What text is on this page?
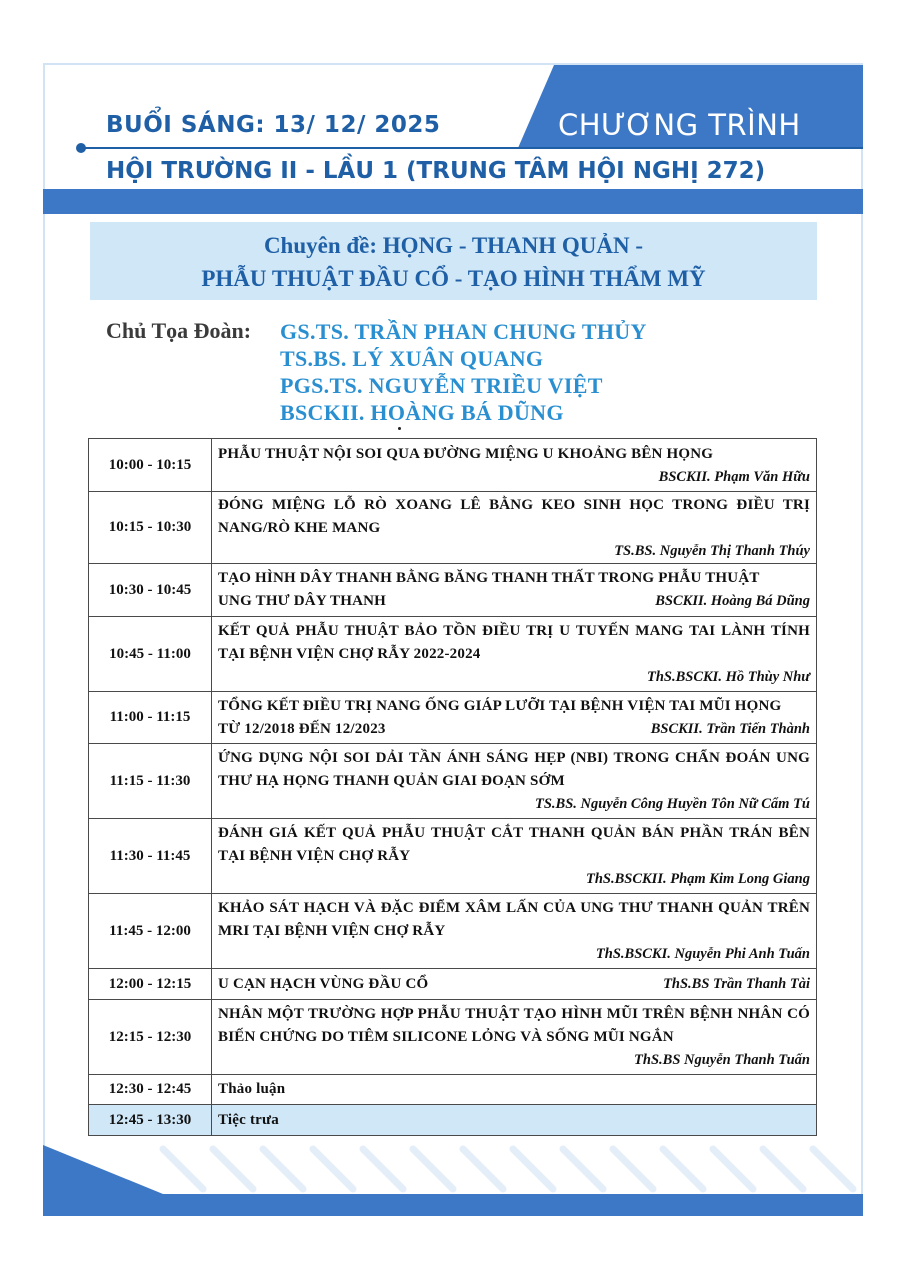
CHƯƠNG TRÌNH
BUỔI SÁNG: 13/ 12/ 2025
HỘI TRƯỜNG II - LẦU 1 (TRUNG TÂM HỘI NGHỊ 272)
Chuyên đề: HỌNG - THANH QUẢN -
PHẪU THUẬT ĐẦU CỔ - TẠO HÌNH THẨM MỸ
Chủ Tọa Đoàn: GS.TS. TRẦN PHAN CHUNG THỦY
TS.BS. LÝ XUÂN QUANG
PGS.TS. NGUYỄN TRIỀU VIỆT
BSCKII. HOÀNG BÁ DŨNG
10:00 - 10:15	PHẪU THUẬT NỘI SOI QUA ĐƯỜNG MIỆNG U KHOẢNG BÊN HỌNG
BSCKII. Phạm Văn Hữu

10:15 - 10:30	ĐÓNG MIỆNG LỖ RÒ XOANG LÊ BẰNG KEO SINH HỌC TRONG ĐIỀU TRỊ NANG/RÒ KHE MANG
TS.BS. Nguyễn Thị Thanh Thúy

10:30 - 10:45	TẠO HÌNH DÂY THANH BẰNG BĂNG THANH THẤT TRONG PHẪU THUẬT
UNG THƯ DÂY THANH BSCKII. Hoàng Bá Dũng

10:45 - 11:00	KẾT QUẢ PHẪU THUẬT BẢO TỒN ĐIỀU TRỊ U TUYẾN MANG TAI LÀNH TÍNH TẠI BỆNH VIỆN CHỢ RẪY 2022-2024
ThS.BSCKI. Hồ Thùy Như

11:00 - 11:15	TỔNG KẾT ĐIỀU TRỊ NANG ỐNG GIÁP LƯỠI TẠI BỆNH VIỆN TAI MŨI HỌNG
TỪ 12/2018 ĐẾN 12/2023 BSCKII. Trần Tiến Thành

11:15 - 11:30	ỨNG DỤNG NỘI SOI DẢI TẦN ÁNH SÁNG HẸP (NBI) TRONG CHẨN ĐOÁN UNG THƯ HẠ HỌNG THANH QUẢN GIAI ĐOẠN SỚM
TS.BS. Nguyễn Công Huyền Tôn Nữ Cẩm Tú

11:30 - 11:45	ĐÁNH GIÁ KẾT QUẢ PHẪU THUẬT CẮT THANH QUẢN BÁN PHẦN TRÁN BÊN TẠI BỆNH VIỆN CHỢ RẪY
ThS.BSCKII. Phạm Kim Long Giang

11:45 - 12:00	KHẢO SÁT HẠCH VÀ ĐẶC ĐIỂM XÂM LẤN CỦA UNG THƯ THANH QUẢN TRÊN MRI TẠI BỆNH VIỆN CHỢ RẪY
ThS.BSCKI. Nguyễn Phi Anh Tuấn

12:00 - 12:15	U CẠN HẠCH VÙNG ĐẦU CỔ ThS.BS Trần Thanh Tài

12:15 - 12:30	NHÂN MỘT TRƯỜNG HỢP PHẪU THUẬT TẠO HÌNH MŨI TRÊN BỆNH NHÂN CÓ BIẾN CHỨNG DO TIÊM SILICONE LỎNG VÀ SỐNG MŨI NGẮN
ThS.BS Nguyễn Thanh Tuấn

12:30 - 12:45	Thảo luận

12:45 - 13:30	Tiệc trưa
